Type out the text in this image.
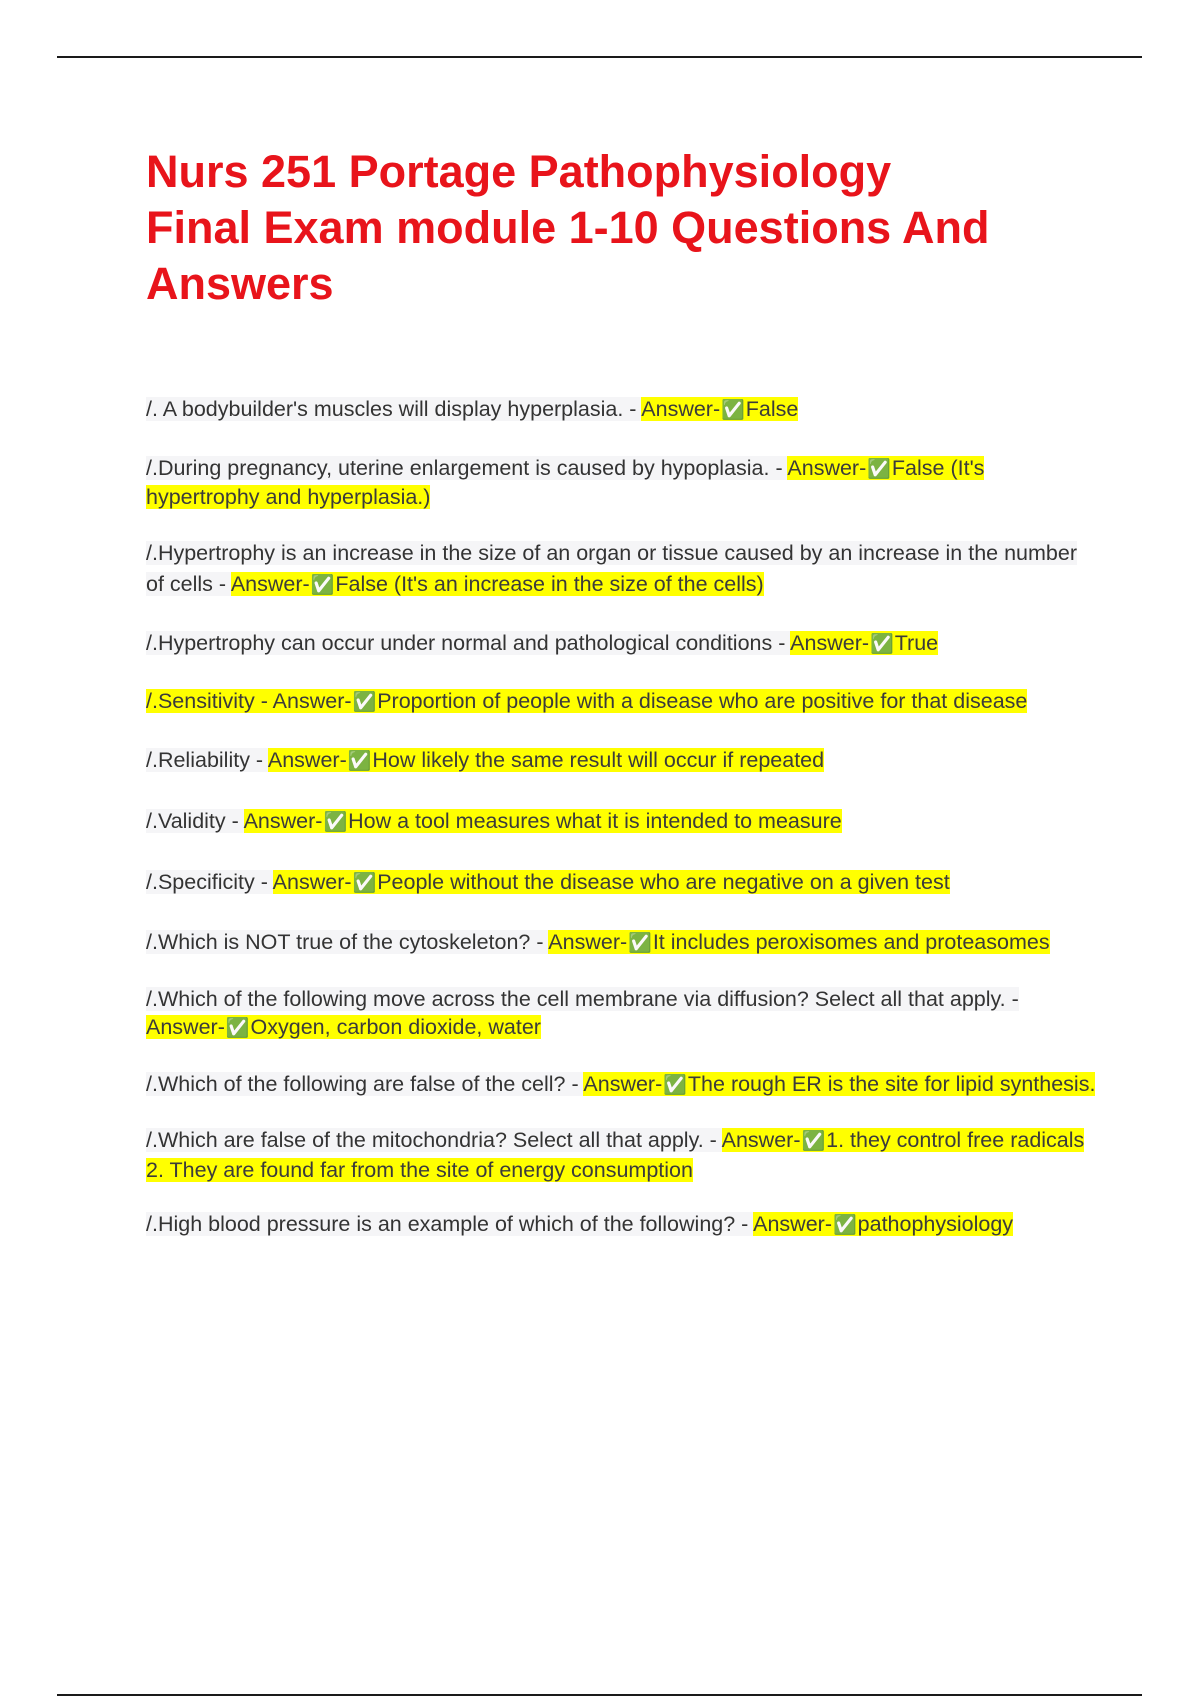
Nurs 251 Portage Pathophysiology Final Exam module 1-10 Questions And Answers

/. A bodybuilder's muscles will display hyperplasia. - Answer-✅False

/.During pregnancy, uterine enlargement is caused by hypoplasia. - Answer-✅False (It's hypertrophy and hyperplasia.)

/.Hypertrophy is an increase in the size of an organ or tissue caused by an increase in the number of cells - Answer-✅False (It's an increase in the size of the cells)

/.Hypertrophy can occur under normal and pathological conditions - Answer-✅True

/.Sensitivity - Answer-✅Proportion of people with a disease who are positive for that disease

/.Reliability - Answer-✅How likely the same result will occur if repeated

/.Validity - Answer-✅How a tool measures what it is intended to measure

/.Specificity - Answer-✅People without the disease who are negative on a given test

/.Which is NOT true of the cytoskeleton? - Answer-✅It includes peroxisomes and proteasomes

/.Which of the following move across the cell membrane via diffusion? Select all that apply. - Answer-✅Oxygen, carbon dioxide, water

/.Which of the following are false of the cell? - Answer-✅The rough ER is the site for lipid synthesis.

/.Which are false of the mitochondria? Select all that apply. - Answer-✅1. they control free radicals
2. They are found far from the site of energy consumption

/.High blood pressure is an example of which of the following? - Answer-✅pathophysiology
